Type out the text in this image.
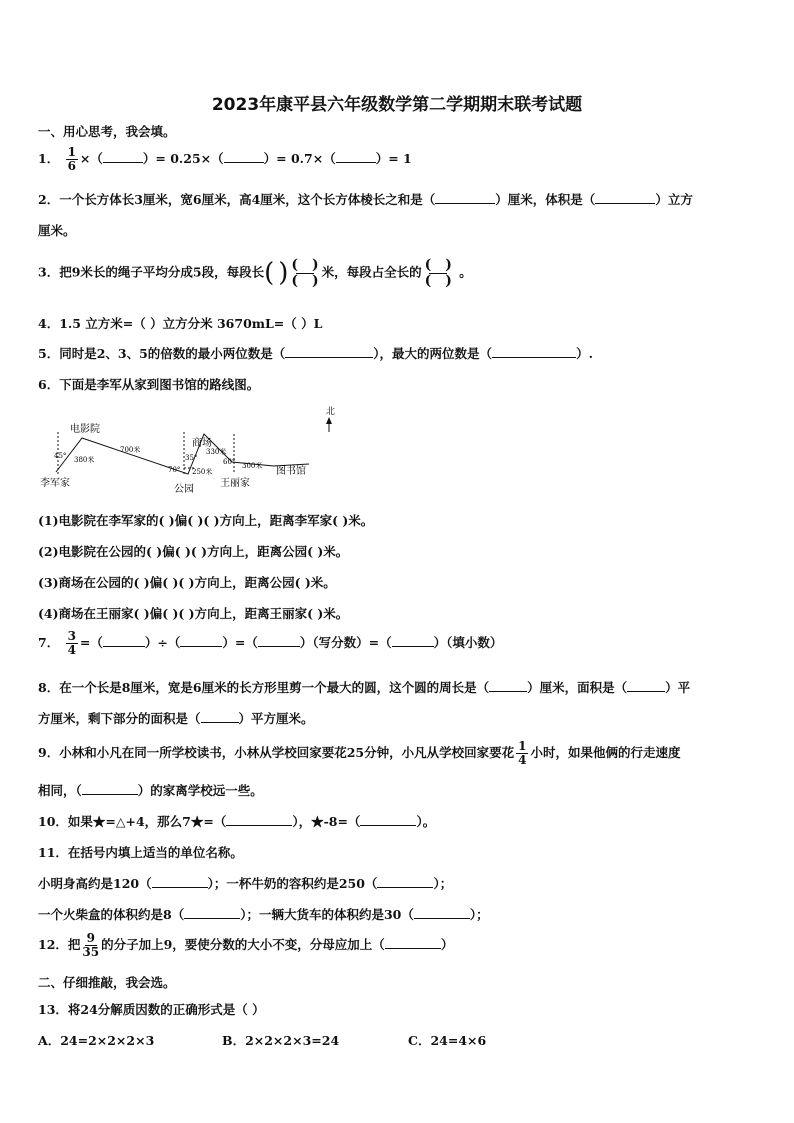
2023年康平县六年级数学第二学期期末联考试题
一、用心思考，我会填。
1． $\frac{1}{6}$ ×（	）= 0.25×（	）= 0.7×（	）= 1
2．一个长方体长3厘米，宽6厘米，高4厘米，这个长方体棱长之和是（	）厘米，体积是（	）立方
厘米。
3．把9米长的绳子平均分成5段，每段长( ) $\frac{( )}{( )}$ 米，每段占全长的 $\frac{( )}{( )}$ 。
4．1.5 立方米=（ ）立方分米 3670mL=（ ）L
5．同时是2、3、5的倍数的最小两位数是（	），最大的两位数是（	）.
6．下面是李军从家到图书馆的路线图。
北
李军家
电影院
公园
商场
王丽家
图书馆
45°
70°
35°	60°
380米
700米
250米
330米
300米
(1)电影院在李军家的( )偏( )( )方向上，距离李军家( )米。
(2)电影院在公园的( )偏( )( )方向上，距离公园( )米。
(3)商场在公园的( )偏( )( )方向上，距离公园( )米。
(4)商场在王丽家( )偏( )( )方向上，距离王丽家( )米。
7． $\frac{3}{4}$ =（	）÷（	）=（	）（写分数）=（	）（填小数）
8．在一个长是8厘米，宽是6厘米的长方形里剪一个最大的圆，这个圆的周长是（	）厘米，面积是（	）平
方厘米，剩下部分的面积是（	）平方厘米。
9．小林和小凡在同一所学校读书，小林从学校回家要花25分钟，小凡从学校回家要花 $\frac{1}{4}$ 小时，如果他俩的行走速度
相同，（	）的家离学校远一些。
10．如果★=△+4，那么7★=（	），★-8=（	）。
11．在括号内填上适当的单位名称。
小明身高约是120（	）；一杯牛奶的容积约是250（	）；
一个火柴盒的体积约是8（	）；一辆大货车的体积约是30（	）；
12．把 $\frac{9}{35}$ 的分子加上9，要使分数的大小不变，分母应加上（	）
二、仔细推敲，我会选。
13．将24分解质因数的正确形式是（ ）
A．24=2×2×2×3	B．2×2×2×3=24	C．24=4×6
